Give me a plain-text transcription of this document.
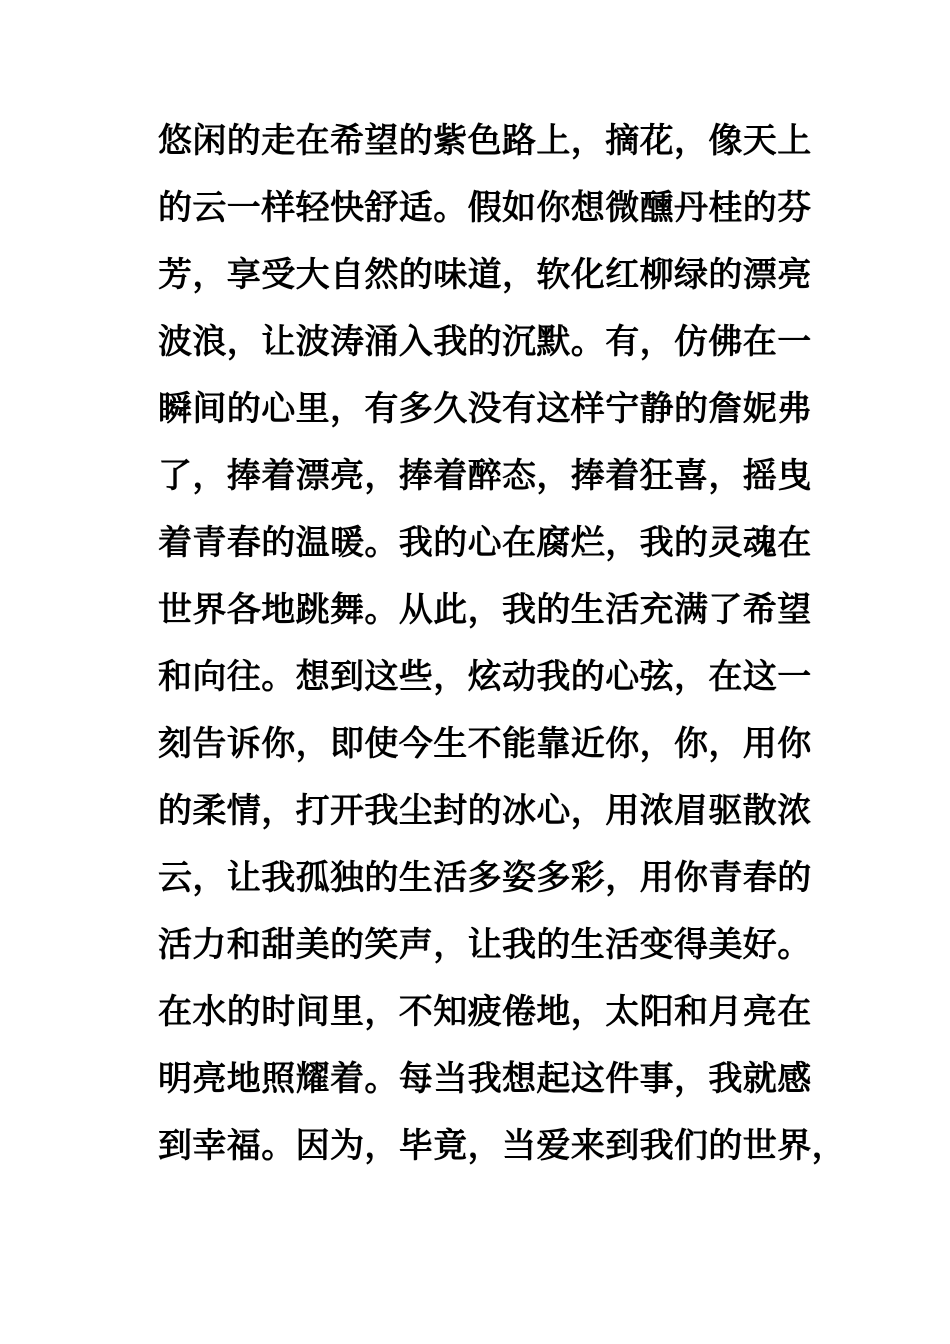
悠闲的走在希望的紫色路上，摘花，像天上
的云一样轻快舒适。假如你想微醺丹桂的芬
芳，享受大自然的味道，软化红柳绿的漂亮
波浪，让波涛涌入我的沉默。有，仿佛在一
瞬间的心里，有多久没有这样宁静的詹妮弗
了，捧着漂亮，捧着醉态，捧着狂喜，摇曳
着青春的温暖。我的心在腐烂，我的灵魂在
世界各地跳舞。从此，我的生活充满了希望
和向往。想到这些，炫动我的心弦，在这一
刻告诉你，即使今生不能靠近你，你，用你
的柔情，打开我尘封的冰心，用浓眉驱散浓
云，让我孤独的生活多姿多彩，用你青春的
活力和甜美的笑声，让我的生活变得美好。
在水的时间里，不知疲倦地，太阳和月亮在
明亮地照耀着。每当我想起这件事，我就感
到幸福。因为，毕竟，当爱来到我们的世界，
